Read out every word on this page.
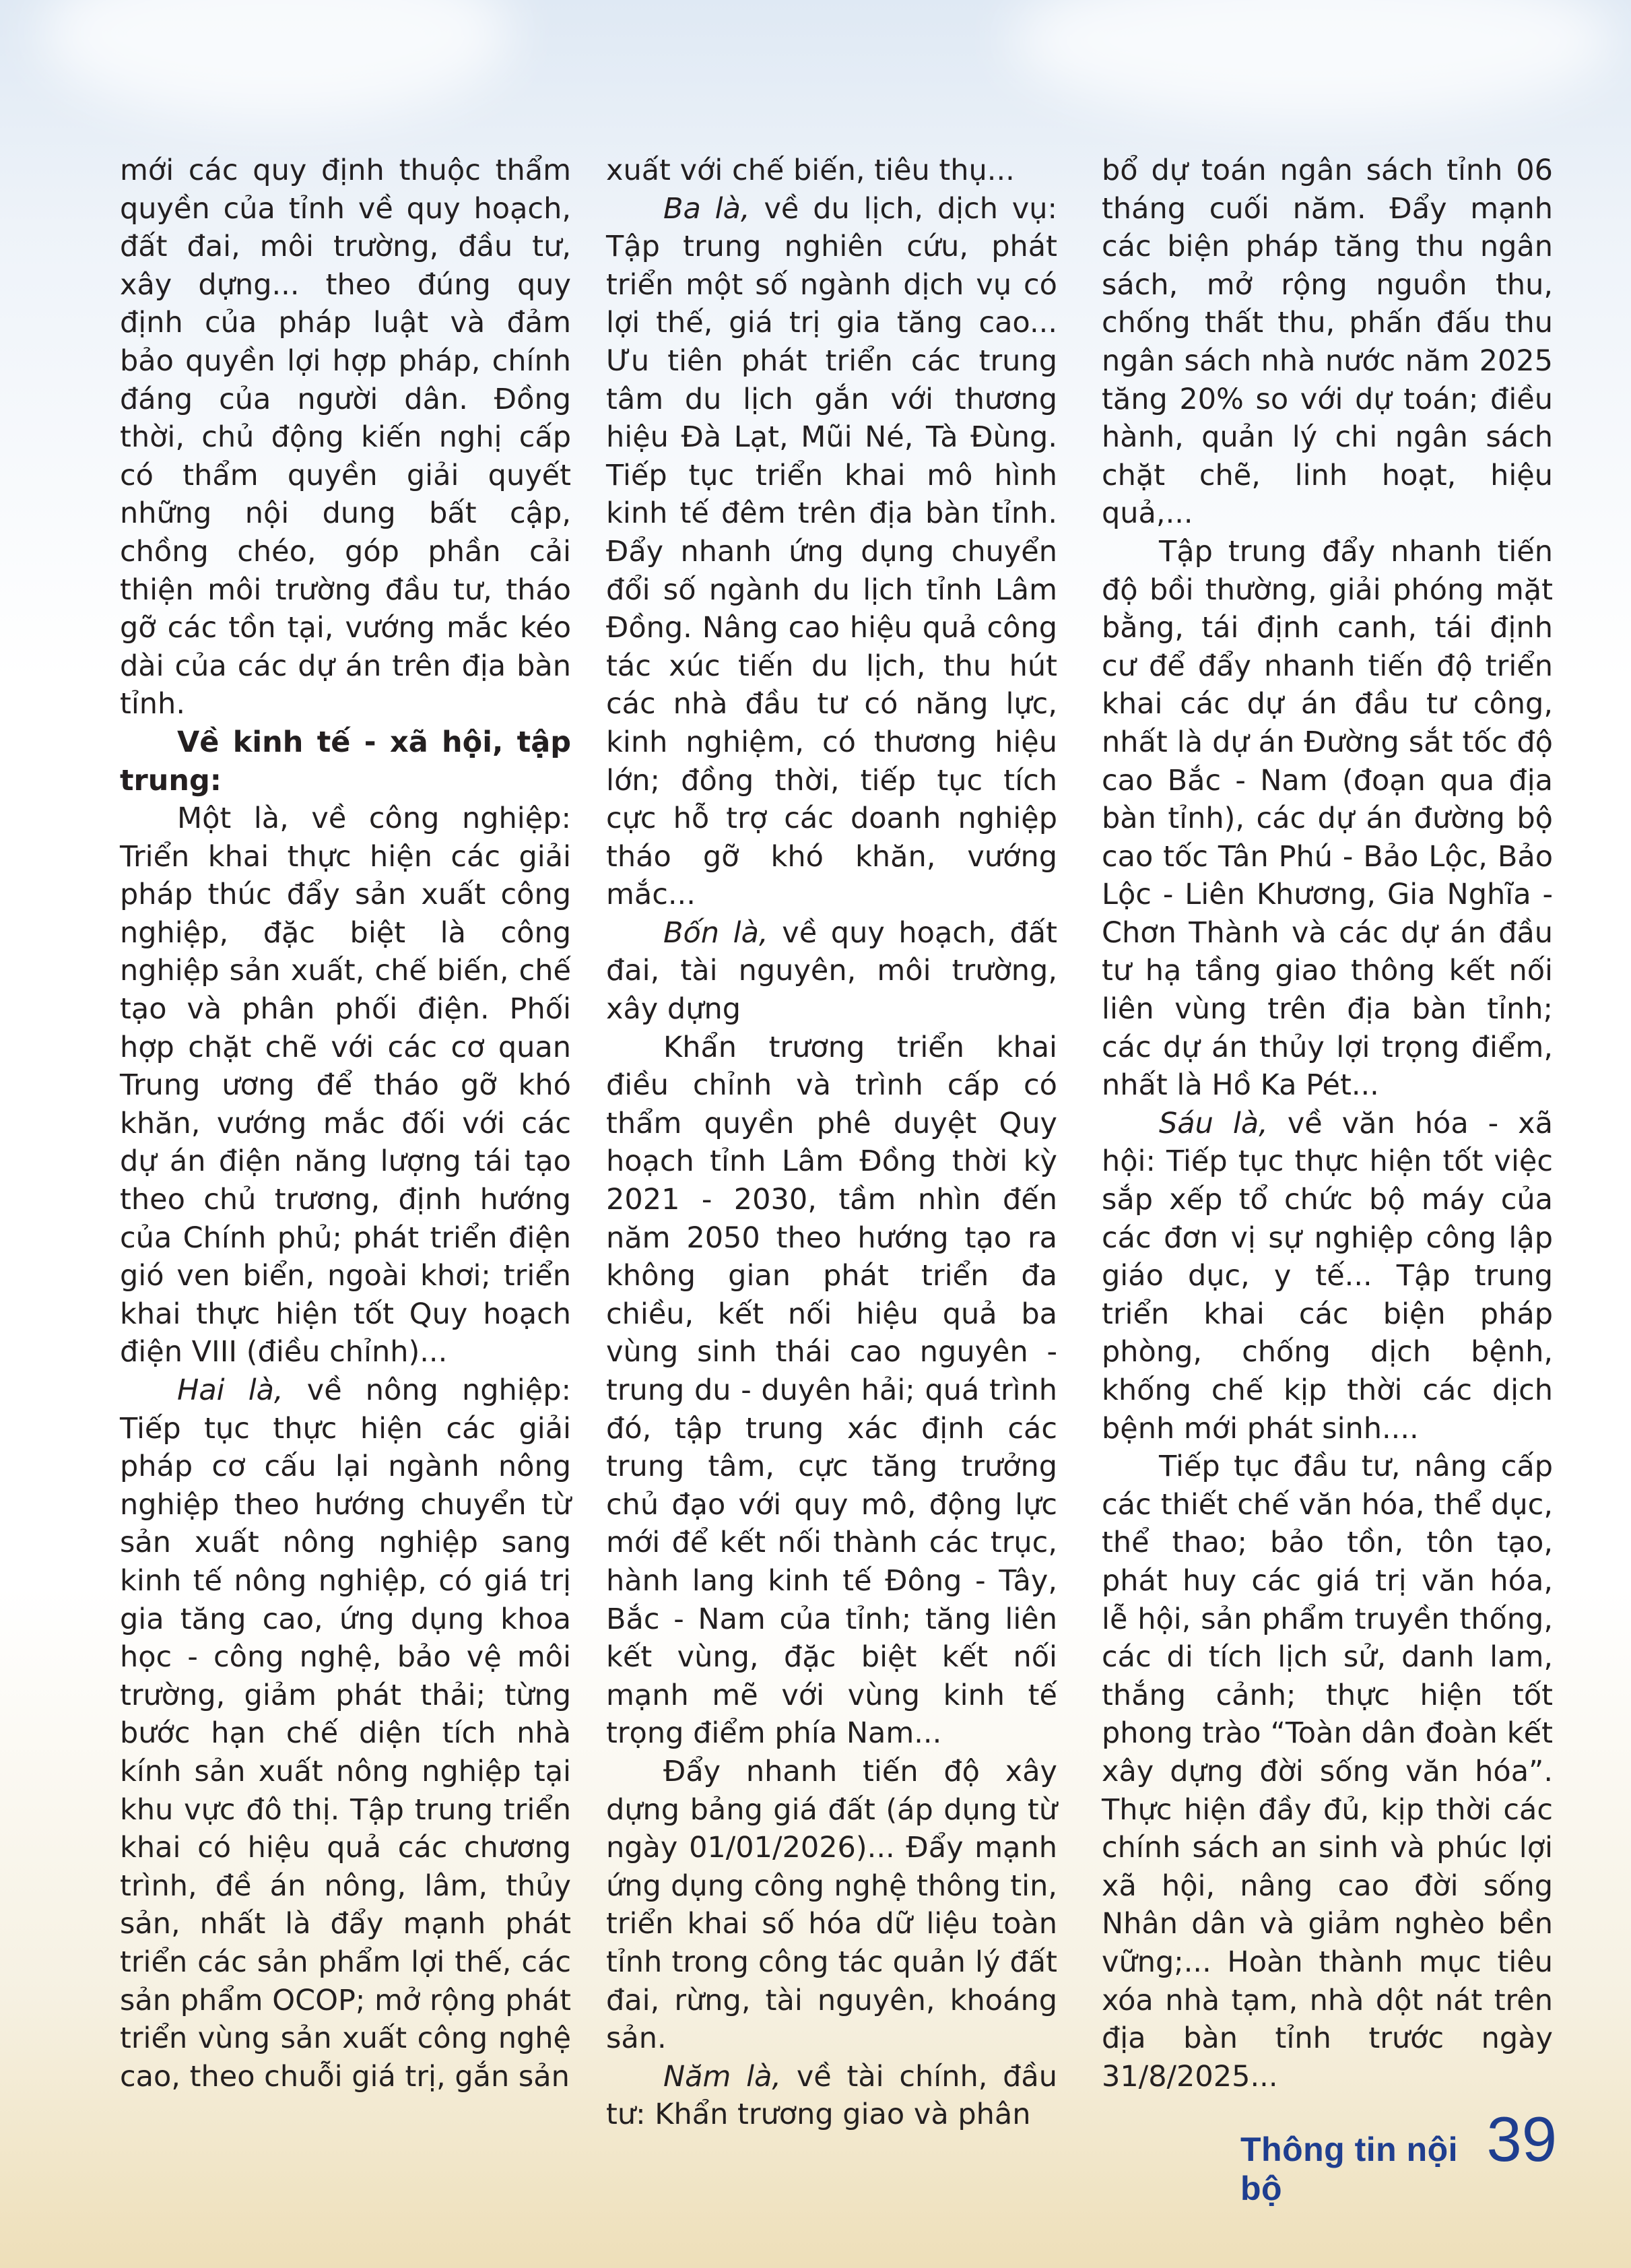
mới các quy định thuộc thẩm quyền của tỉnh về quy hoạch, đất đai, môi trường, đầu tư, xây dựng... theo đúng quy định của pháp luật và đảm bảo quyền lợi hợp pháp, chính đáng của người dân. Đồng thời, chủ động kiến nghị cấp có thẩm quyền giải quyết những nội dung bất cập, chồng chéo, góp phần cải thiện môi trường đầu tư, tháo gỡ các tồn tại, vướng mắc kéo dài của các dự án trên địa bàn tỉnh.

Về kinh tế - xã hội, tập trung:

Một là, về công nghiệp: Triển khai thực hiện các giải pháp thúc đẩy sản xuất công nghiệp, đặc biệt là công nghiệp sản xuất, chế biến, chế tạo và phân phối điện. Phối hợp chặt chẽ với các cơ quan Trung ương để tháo gỡ khó khăn, vướng mắc đối với các dự án điện năng lượng tái tạo theo chủ trương, định hướng của Chính phủ; phát triển điện gió ven biển, ngoài khơi; triển khai thực hiện tốt Quy hoạch điện VIII (điều chỉnh)...

Hai là, về nông nghiệp: Tiếp tục thực hiện các giải pháp cơ cấu lại ngành nông nghiệp theo hướng chuyển từ sản xuất nông nghiệp sang kinh tế nông nghiệp, có giá trị gia tăng cao, ứng dụng khoa học - công nghệ, bảo vệ môi trường, giảm phát thải; từng bước hạn chế diện tích nhà kính sản xuất nông nghiệp tại khu vực đô thị. Tập trung triển khai có hiệu quả các chương trình, đề án nông, lâm, thủy sản, nhất là đẩy mạnh phát triển các sản phẩm lợi thế, các sản phẩm OCOP; mở rộng phát triển vùng sản xuất công nghệ cao, theo chuỗi giá trị, gắn sản

xuất với chế biến, tiêu thụ...

Ba là, về du lịch, dịch vụ: Tập trung nghiên cứu, phát triển một số ngành dịch vụ có lợi thế, giá trị gia tăng cao... Ưu tiên phát triển các trung tâm du lịch gắn với thương hiệu Đà Lạt, Mũi Né, Tà Đùng. Tiếp tục triển khai mô hình kinh tế đêm trên địa bàn tỉnh. Đẩy nhanh ứng dụng chuyển đổi số ngành du lịch tỉnh Lâm Đồng. Nâng cao hiệu quả công tác xúc tiến du lịch, thu hút các nhà đầu tư có năng lực, kinh nghiệm, có thương hiệu lớn; đồng thời, tiếp tục tích cực hỗ trợ các doanh nghiệp tháo gỡ khó khăn, vướng mắc...

Bốn là, về quy hoạch, đất đai, tài nguyên, môi trường, xây dựng

Khẩn trương triển khai điều chỉnh và trình cấp có thẩm quyền phê duyệt Quy hoạch tỉnh Lâm Đồng thời kỳ 2021 - 2030, tầm nhìn đến năm 2050 theo hướng tạo ra không gian phát triển đa chiều, kết nối hiệu quả ba vùng sinh thái cao nguyên - trung du - duyên hải; quá trình đó, tập trung xác định các trung tâm, cực tăng trưởng chủ đạo với quy mô, động lực mới để kết nối thành các trục, hành lang kinh tế Đông - Tây, Bắc - Nam của tỉnh; tăng liên kết vùng, đặc biệt kết nối mạnh mẽ với vùng kinh tế trọng điểm phía Nam...

Đẩy nhanh tiến độ xây dựng bảng giá đất (áp dụng từ ngày 01/01/2026)... Đẩy mạnh ứng dụng công nghệ thông tin, triển khai số hóa dữ liệu toàn tỉnh trong công tác quản lý đất đai, rừng, tài nguyên, khoáng sản.

Năm là, về tài chính, đầu tư: Khẩn trương giao và phân

bổ dự toán ngân sách tỉnh 06 tháng cuối năm. Đẩy mạnh các biện pháp tăng thu ngân sách, mở rộng nguồn thu, chống thất thu, phấn đấu thu ngân sách nhà nước năm 2025 tăng 20% so với dự toán; điều hành, quản lý chi ngân sách chặt chẽ, linh hoạt, hiệu quả,...

Tập trung đẩy nhanh tiến độ bồi thường, giải phóng mặt bằng, tái định canh, tái định cư để đẩy nhanh tiến độ triển khai các dự án đầu tư công, nhất là dự án Đường sắt tốc độ cao Bắc - Nam (đoạn qua địa bàn tỉnh), các dự án đường bộ cao tốc Tân Phú - Bảo Lộc, Bảo Lộc - Liên Khương, Gia Nghĩa - Chơn Thành và các dự án đầu tư hạ tầng giao thông kết nối liên vùng trên địa bàn tỉnh; các dự án thủy lợi trọng điểm, nhất là Hồ Ka Pét...

Sáu là, về văn hóa - xã hội: Tiếp tục thực hiện tốt việc sắp xếp tổ chức bộ máy của các đơn vị sự nghiệp công lập giáo dục, y tế... Tập trung triển khai các biện pháp phòng, chống dịch bệnh, khống chế kịp thời các dịch bệnh mới phát sinh....

Tiếp tục đầu tư, nâng cấp các thiết chế văn hóa, thể dục, thể thao; bảo tồn, tôn tạo, phát huy các giá trị văn hóa, lễ hội, sản phẩm truyền thống, các di tích lịch sử, danh lam, thắng cảnh; thực hiện tốt phong trào “Toàn dân đoàn kết xây dựng đời sống văn hóa”. Thực hiện đầy đủ, kịp thời các chính sách an sinh và phúc lợi xã hội, nâng cao đời sống Nhân dân và giảm nghèo bền vững;... Hoàn thành mục tiêu xóa nhà tạm, nhà dột nát trên địa bàn tỉnh trước ngày 31/8/2025...

Thông tin nội bộ
39
